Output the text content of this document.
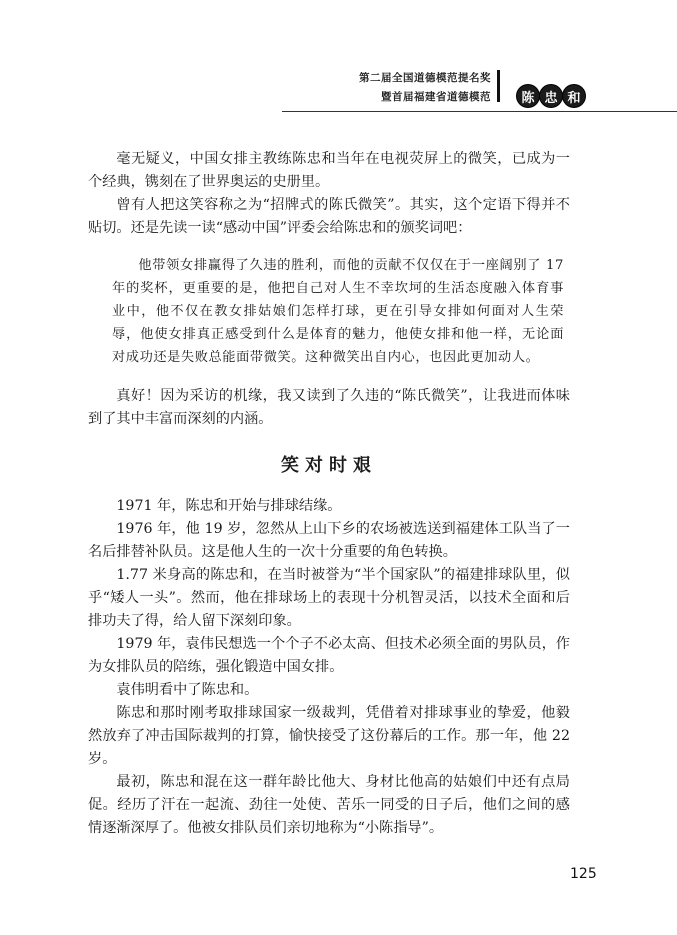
第二届全国道德模范提名奖
暨首届福建省道德模范	陈 忠 和

毫无疑义，中国女排主教练陈忠和当年在电视荧屏上的微笑，已成为一个经典，镌刻在了世界奥运的史册里。

曾有人把这笑容称之为“招牌式的陈氏微笑”。其实，这个定语下得并不贴切。还是先读一读“感动中国”评委会给陈忠和的颁奖词吧：

他带领女排赢得了久违的胜利，而他的贡献不仅仅在于一座阔别了 17 年的奖杯，更重要的是，他把自己对人生不幸坎坷的生活态度融入体育事业中，他不仅在教女排姑娘们怎样打球，更在引导女排如何面对人生荣辱，他使女排真正感受到什么是体育的魅力，他使女排和他一样，无论面对成功还是失败总能面带微笑。这种微笑出自内心，也因此更加动人。

真好！因为采访的机缘，我又读到了久违的“陈氏微笑”，让我进而体味到了其中丰富而深刻的内涵。

笑对时艰

1971 年，陈忠和开始与排球结缘。

1976 年，他 19 岁，忽然从上山下乡的农场被选送到福建体工队当了一名后排替补队员。这是他人生的一次十分重要的角色转换。

1.77 米身高的陈忠和，在当时被誉为“半个国家队”的福建排球队里，似乎“矮人一头”。然而，他在排球场上的表现十分机智灵活，以技术全面和后排功夫了得，给人留下深刻印象。

1979 年，袁伟民想选一个个子不必太高、但技术必须全面的男队员，作为女排队员的陪练，强化锻造中国女排。

袁伟明看中了陈忠和。

陈忠和那时刚考取排球国家一级裁判，凭借着对排球事业的挚爱，他毅然放弃了冲击国际裁判的打算，愉快接受了这份幕后的工作。那一年，他 22 岁。

最初，陈忠和混在这一群年龄比他大、身材比他高的姑娘们中还有点局促。经历了汗在一起流、劲往一处使、苦乐一同受的日子后，他们之间的感情逐渐深厚了。他被女排队员们亲切地称为“小陈指导”。

125
